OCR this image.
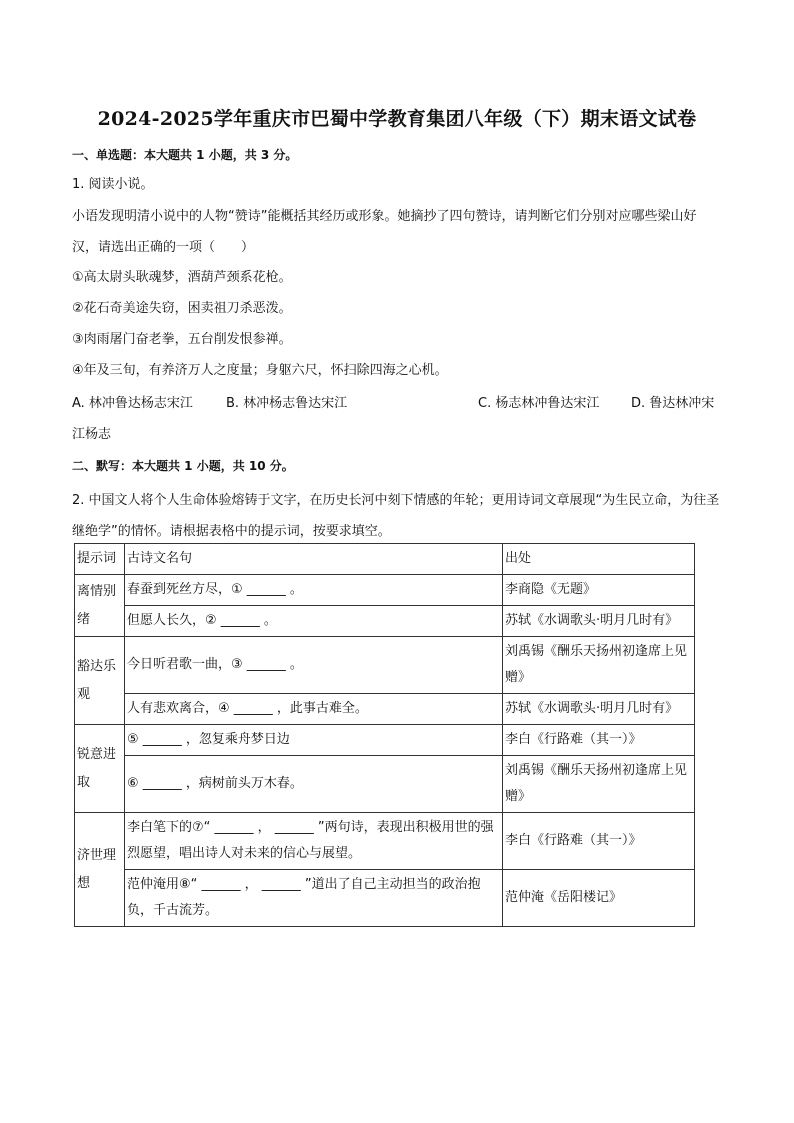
2024-2025学年重庆市巴蜀中学教育集团八年级（下）期末语文试卷
一、单选题：本大题共 1 小题，共 3 分。
1. 阅读小说。
小语发现明清小说中的人物“赞诗”能概括其经历或形象。她摘抄了四句赞诗，请判断它们分别对应哪些梁山好汉，请选出正确的一项（　　）
①高太尉头耿魂梦，酒葫芦颈系花枪。
②花石奇美途失窃，困卖祖刀杀恶泼。
③肉雨屠门奋老拳，五台削发恨参禅。
④年及三旬，有养济万人之度量；身躯六尺，怀扫除四海之心机。
A. 林冲鲁达杨志宋江	B. 林冲杨志鲁达宋江	C. 杨志林冲鲁达宋江 D. 鲁达林冲宋
江杨志
二、默写：本大题共 1 小题，共 10 分。
2. 中国文人将个人生命体验熔铸于文字，在历史长河中刻下情感的年轮；更用诗词文章展现“为生民立命，为往圣继绝学”的情怀。请根据表格中的提示词，按要求填空。
提示词	古诗文名句	出处
离情别绪	春蚕到死丝方尽，① ______ 。	李商隐《无题》
	但愿人长久，② ______ 。	苏轼《水调歌头·明月几时有》
豁达乐观	今日听君歌一曲，③ ______ 。	刘禹锡《酬乐天扬州初逢席上见赠》
	人有悲欢离合，④ ______ ，此事古难全。	苏轼《水调歌头·明月几时有》
锐意进取	⑤ ______ ，忽复乘舟梦日边	李白《行路难（其一）》
	⑥ ______ ，病树前头万木春。	刘禹锡《酬乐天扬州初逢席上见赠》
济世理想	李白笔下的⑦“ ______ ， ______ ”两句诗，表现出积极用世的强烈愿望，唱出诗人对未来的信心与展望。	李白《行路难（其一）》
	范仲淹用⑧“ ______ ， ______ ”道出了自己主动担当的政治抱负，千古流芳。	范仲淹《岳阳楼记》
